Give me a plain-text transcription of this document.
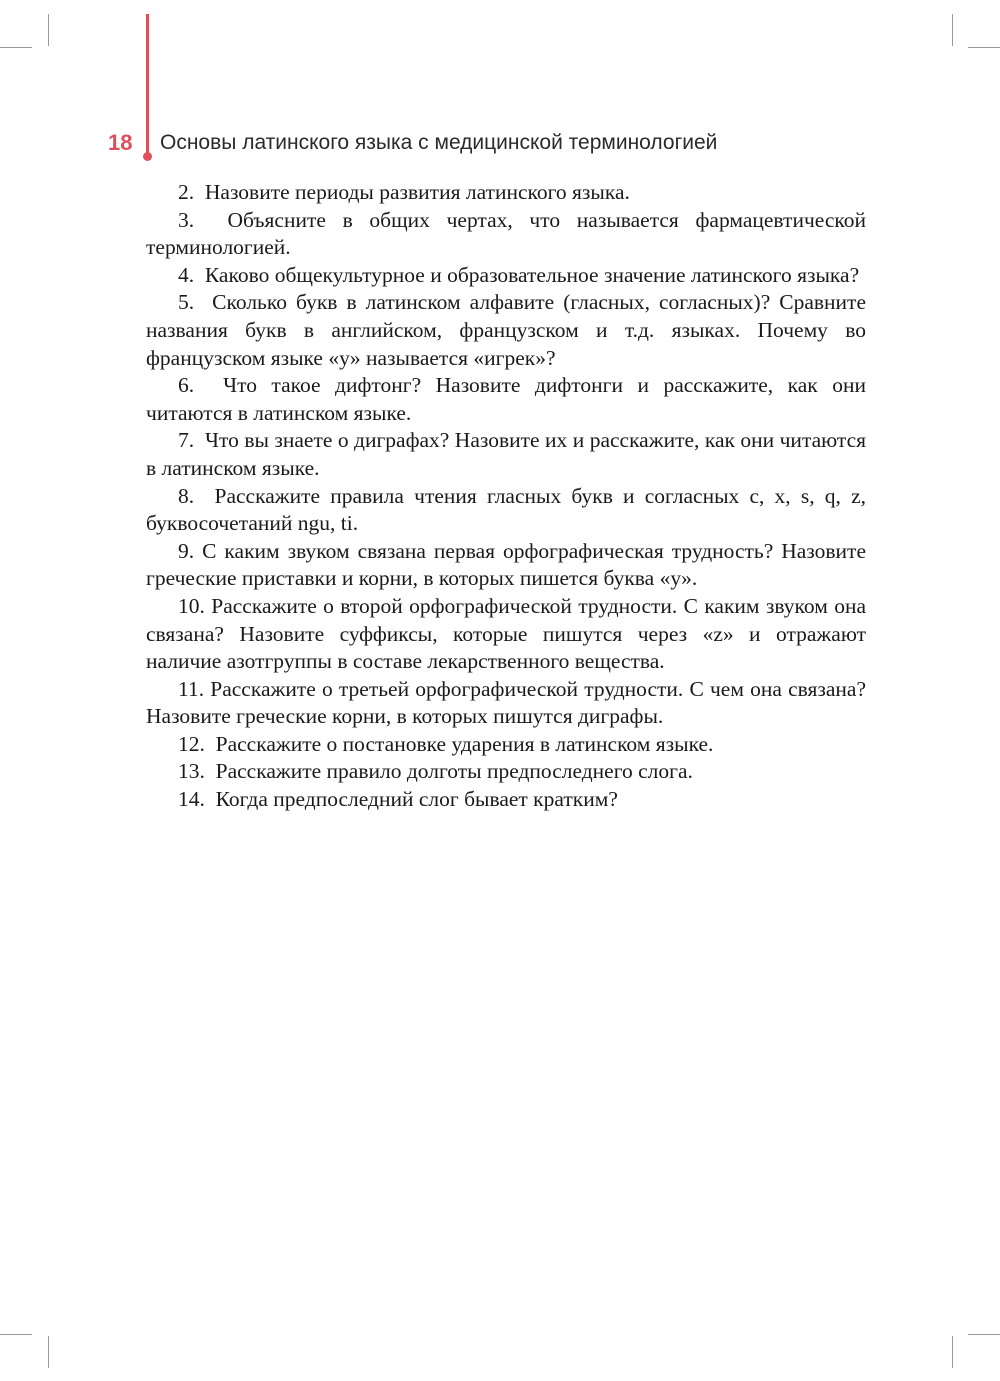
18 Основы латинского языка с медицинской терминологией

2. Назовите периоды развития латинского языка.

3. Объясните в общих чертах, что называется фармацевтической терминологией.

4. Каково общекультурное и образовательное значение латинского языка?

5. Сколько букв в латинском алфавите (гласных, согласных)? Сравните названия букв в английском, французском и т.д. языках. Почему во французском языке «y» называется «игрек»?

6. Что такое дифтонг? Назовите дифтонги и расскажите, как они читаются в латинском языке.

7. Что вы знаете о диграфах? Назовите их и расскажите, как они читаются в латинском языке.

8. Расскажите правила чтения гласных букв и согласных c, x, s, q, z, буквосочетаний ngu, ti.

9. С каким звуком связана первая орфографическая трудность? Назовите греческие приставки и корни, в которых пишется буква «y».

10. Расскажите о второй орфографической трудности. С каким звуком она связана? Назовите суффиксы, которые пишутся через «z» и отражают наличие азотгруппы в составе лекарственного вещества.

11. Расскажите о третьей орфографической трудности. С чем она связана? Назовите греческие корни, в которых пишутся диграфы.

12. Расскажите о постановке ударения в латинском языке.

13. Расскажите правило долготы предпоследнего слога.

14. Когда предпоследний слог бывает кратким?
